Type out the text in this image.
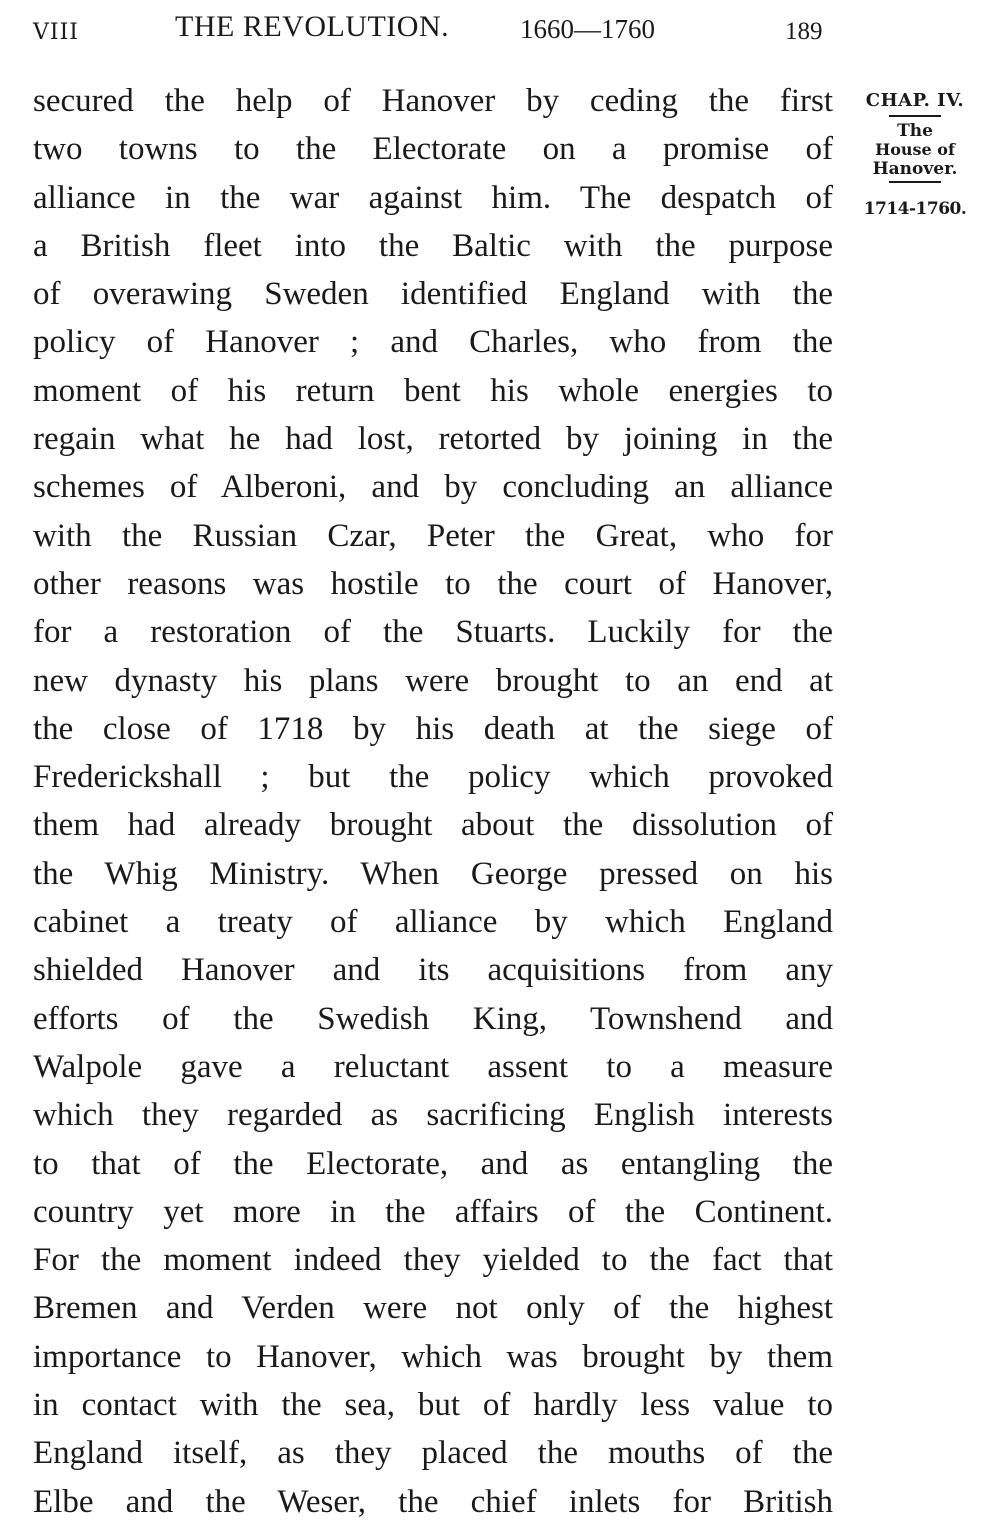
VIII	THE REVOLUTION.	1660—1760	189
secured the help of Hanover by ceding the first
two towns to the Electorate on a promise of
alliance in the war against him. The despatch of
a British fleet into the Baltic with the purpose
of overawing Sweden identified England with the
policy of Hanover ; and Charles, who from the
moment of his return bent his whole energies to
regain what he had lost, retorted by joining in the
schemes of Alberoni, and by concluding an alliance
with the Russian Czar, Peter the Great, who for
other reasons was hostile to the court of Hanover,
for a restoration of the Stuarts. Luckily for the
new dynasty his plans were brought to an end at
the close of 1718 by his death at the siege of
Frederickshall ; but the policy which provoked
them had already brought about the dissolution of
the Whig Ministry. When George pressed on his
cabinet a treaty of alliance by which England
shielded Hanover and its acquisitions from any
efforts of the Swedish King, Townshend and
Walpole gave a reluctant assent to a measure
which they regarded as sacrificing English interests
to that of the Electorate, and as entangling the
country yet more in the affairs of the Continent.
For the moment indeed they yielded to the fact that
Bremen and Verden were not only of the highest
importance to Hanover, which was brought by them
in contact with the sea, but of hardly less value to
England itself, as they placed the mouths of the
Elbe and the Weser, the chief inlets for British
CHAP. IV.
The
House of
Hanover.
1714-1760.
